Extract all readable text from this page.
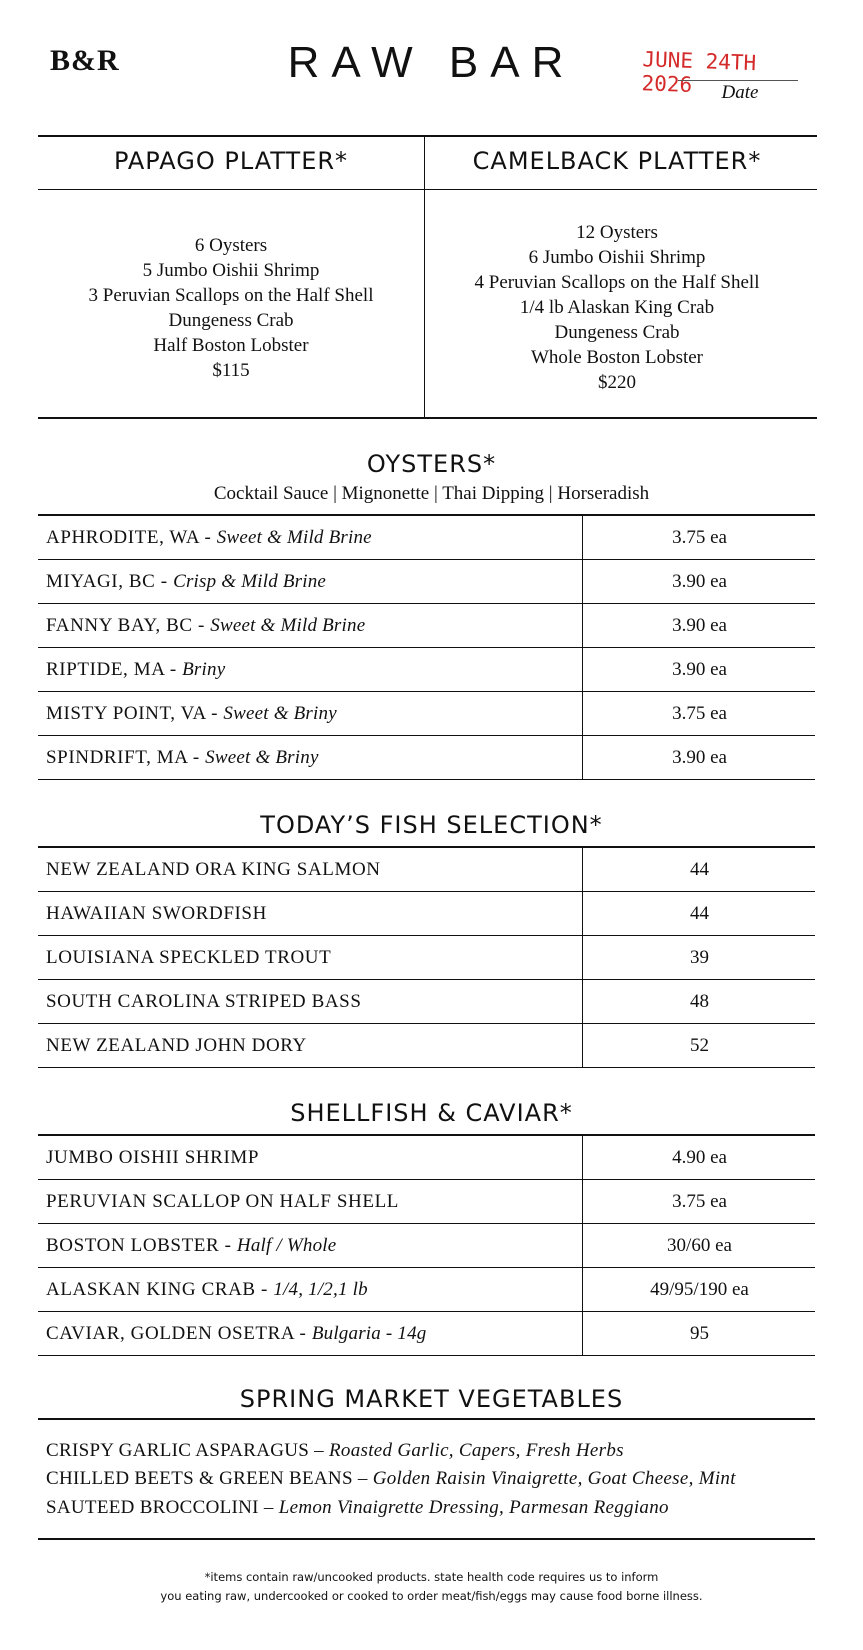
B&R	RAW BAR	JUNE 24TH 2026	Date
PAPAGO PLATTER*	CAMELBACK PLATTER*
6 Oysters
5 Jumbo Oishii Shrimp
3 Peruvian Scallops on the Half Shell
Dungeness Crab
Half Boston Lobster
$115
12 Oysters
6 Jumbo Oishii Shrimp
4 Peruvian Scallops on the Half Shell
1/4 lb Alaskan King Crab
Dungeness Crab
Whole Boston Lobster
$220
OYSTERS*
Cocktail Sauce | Mignonette | Thai Dipping | Horseradish
APHRODITE, WA - Sweet & Mild Brine	3.75 ea
MIYAGI, BC - Crisp & Mild Brine	3.90 ea
FANNY BAY, BC - Sweet & Mild Brine	3.90 ea
RIPTIDE, MA - Briny	3.90 ea
MISTY POINT, VA - Sweet & Briny	3.75 ea
SPINDRIFT, MA - Sweet & Briny	3.90 ea
TODAY’S FISH SELECTION*
NEW ZEALAND ORA KING SALMON	44
HAWAIIAN SWORDFISH	44
LOUISIANA SPECKLED TROUT	39
SOUTH CAROLINA STRIPED BASS	48
NEW ZEALAND JOHN DORY	52
SHELLFISH & CAVIAR*
JUMBO OISHII SHRIMP	4.90 ea
PERUVIAN SCALLOP ON HALF SHELL	3.75 ea
BOSTON LOBSTER - Half / Whole	30/60 ea
ALASKAN KING CRAB - 1/4, 1/2,1 lb	49/95/190 ea
CAVIAR, GOLDEN OSETRA - Bulgaria - 14g	95
SPRING MARKET VEGETABLES
CRISPY GARLIC ASPARAGUS – Roasted Garlic, Capers, Fresh Herbs
CHILLED BEETS & GREEN BEANS – Golden Raisin Vinaigrette, Goat Cheese, Mint
SAUTEED BROCCOLINI – Lemon Vinaigrette Dressing, Parmesan Reggiano
*items contain raw/uncooked products. state health code requires us to inform
you eating raw, undercooked or cooked to order meat/fish/eggs may cause food borne illness.
